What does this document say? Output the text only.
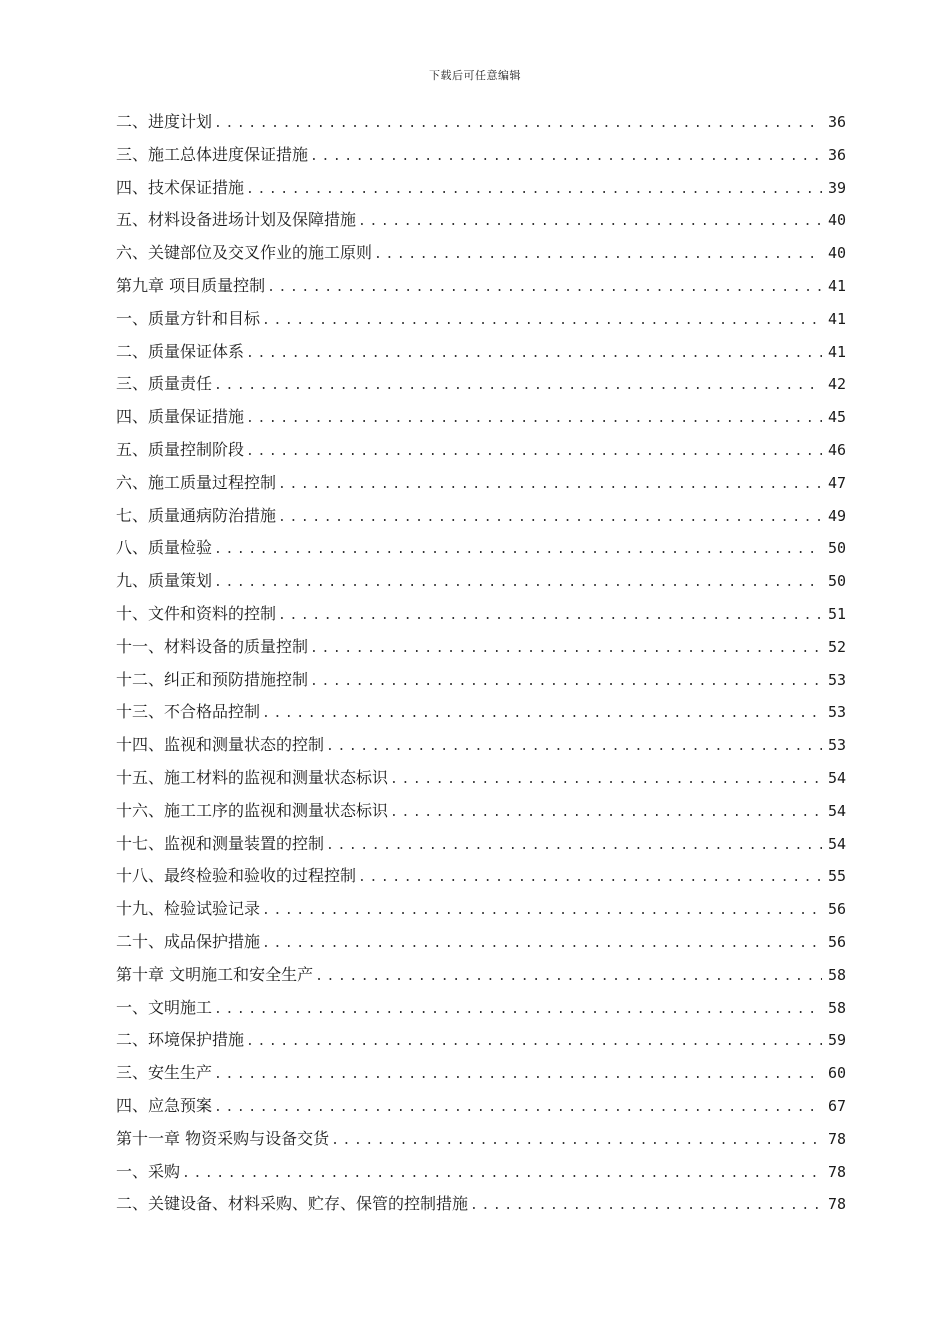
下载后可任意编辑
二、进度计划 .....	36
三、施工总体进度保证措施 .....	36
四、技术保证措施 .....	39
五、材料设备进场计划及保障措施 .....	40
六、关键部位及交叉作业的施工原则 .....	40
第九章 项目质量控制 .....	41
一、质量方针和目标 .....	41
二、质量保证体系 .....	41
三、质量责任 .....	42
四、质量保证措施 .....	45
五、质量控制阶段 .....	46
六、施工质量过程控制 .....	47
七、质量通病防治措施 .....	49
八、质量检验 .....	50
九、质量策划 .....	50
十、文件和资料的控制 .....	51
十一、材料设备的质量控制 .....	52
十二、纠正和预防措施控制 .....	53
十三、不合格品控制 .....	53
十四、监视和测量状态的控制 .....	53
十五、施工材料的监视和测量状态标识 .....	54
十六、施工工序的监视和测量状态标识 .....	54
十七、监视和测量装置的控制 .....	54
十八、最终检验和验收的过程控制 .....	55
十九、检验试验记录 .....	56
二十、成品保护措施 .....	56
第十章 文明施工和安全生产 .....	58
一、文明施工 .....	58
二、环境保护措施 .....	59
三、安生生产 .....	60
四、应急预案 .....	67
第十一章 物资采购与设备交货 .....	78
一、采购 .....	78
二、关键设备、材料采购、贮存、保管的控制措施 .....	78
